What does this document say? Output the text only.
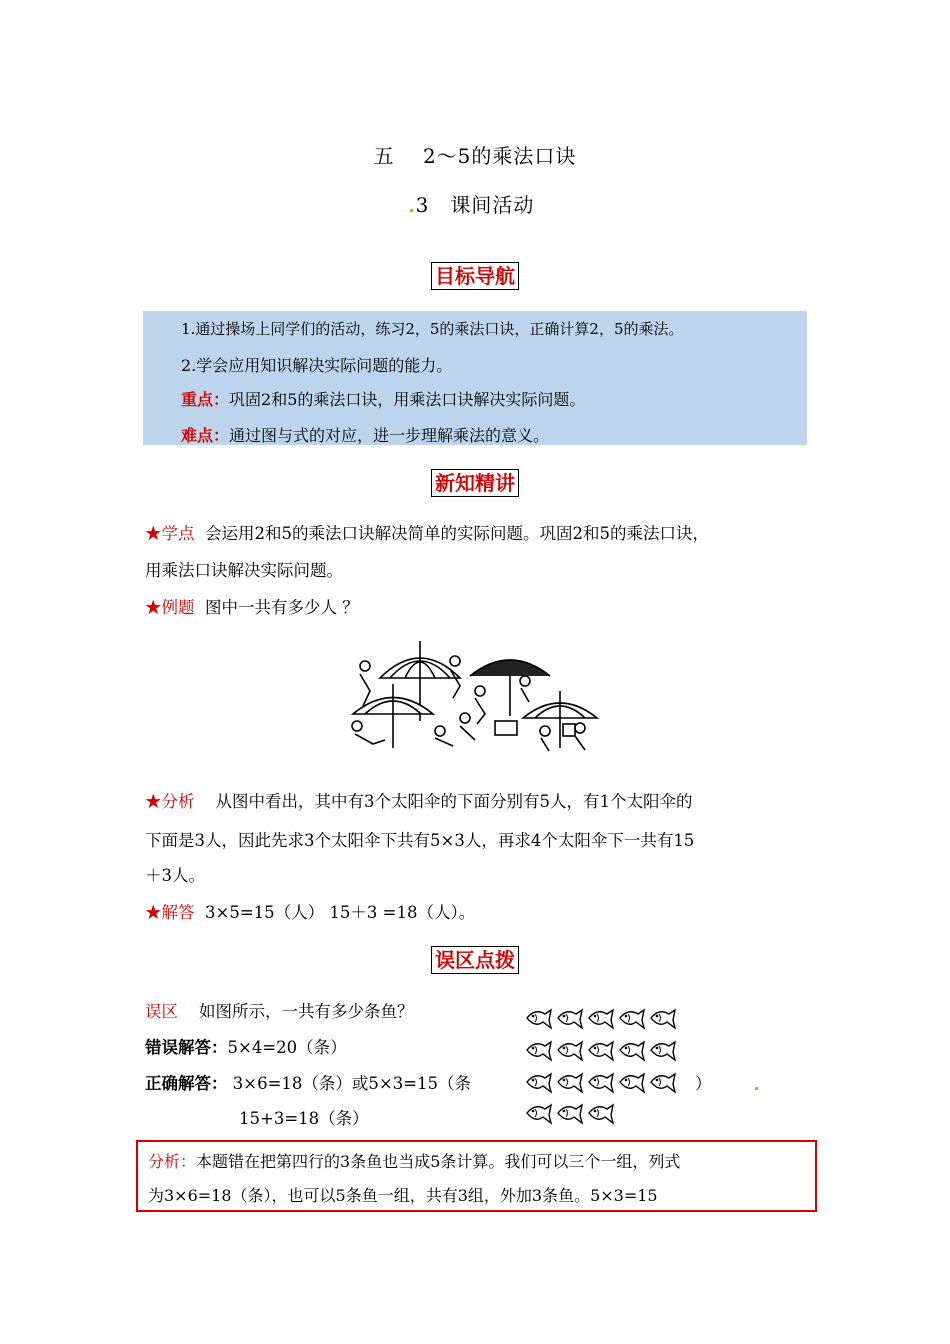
五　 2～5的乘法口诀
3　课间活动
目标导航
1.通过操场上同学们的活动，练习2，5的乘法口诀，正确计算2，5的乘法。
2.学会应用知识解决实际问题的能力。
重点：巩固2和5的乘法口诀，用乘法口诀解决实际问题。
难点：通过图与式的对应，进一步理解乘法的意义。
新知精讲
★学点 会运用2和5的乘法口诀解决简单的实际问题。巩固2和5的乘法口诀，
用乘法口诀解决实际问题。
★例题 图中一共有多少人 ？
★分析 从图中看出，其中有3个太阳伞的下面分别有5人，有1个太阳伞的
下面是3人，因此先求3个太阳伞下共有5×3人，再求4个太阳伞下一共有15
＋3人。
★解答 3×5=15（人） 15＋3 =18（人）。
误区点拨
误区 如图所示，一共有多少条鱼？
错误解答：5×4=20（条）
正确解答： 3×6=18（条）或5×3=15（条	）
15+3=18（条）
分析：本题错在把第四行的3条鱼也当成5条计算。我们可以三个一组，列式
为3×6=18（条），也可以5条鱼一组，共有3组，外加3条鱼。5×3=15
